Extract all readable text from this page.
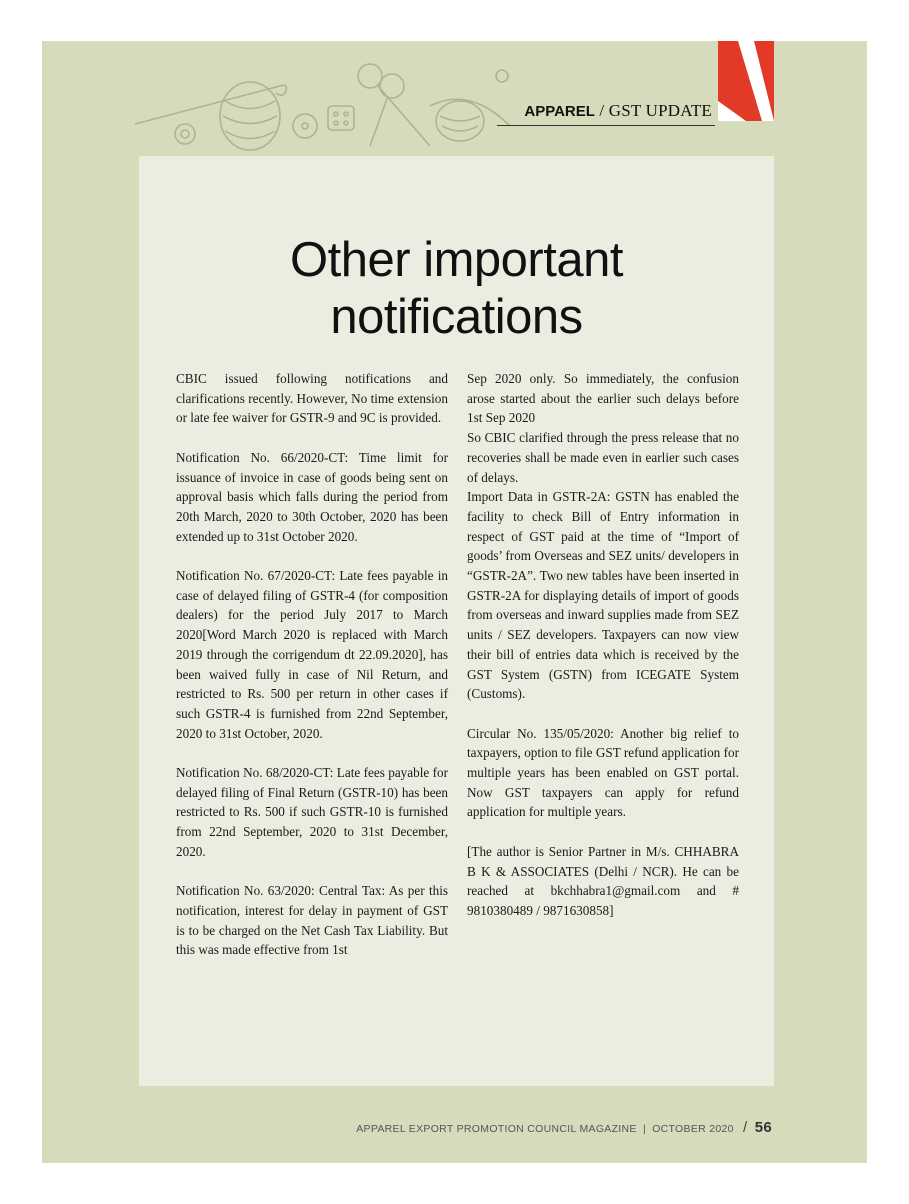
APPAREL / GST UPDATE
Other important
notifications

CBIC issued following notifications and clarifications recently. However, No time extension or late fee waiver for GSTR-9 and 9C is provided.

Notification No. 66/2020-CT: Time limit for issuance of invoice in case of goods being sent on approval basis which falls during the period from 20th March, 2020 to 30th October, 2020 has been extended up to 31st October 2020.

Notification No. 67/2020-CT: Late fees payable in case of delayed filing of GSTR-4 (for composition dealers) for the period July 2017 to March 2020[Word March 2020 is replaced with March 2019 through the corrigendum dt 22.09.2020], has been waived fully in case of Nil Return, and restricted to Rs. 500 per return in other cases if such GSTR-4 is furnished from 22nd September, 2020 to 31st October, 2020.

Notification No. 68/2020-CT: Late fees payable for delayed filing of Final Return (GSTR-10) has been restricted to Rs. 500 if such GSTR-10 is furnished from 22nd September, 2020 to 31st December, 2020.

Notification No. 63/2020: Central Tax: As per this notification, interest for delay in payment of GST is to be charged on the Net Cash Tax Liability. But this was made effective from 1st

Sep 2020 only. So immediately, the confusion arose started about the earlier such delays before 1st Sep 2020

So CBIC clarified through the press release that no recoveries shall be made even in earlier such cases of delays.

Import Data in GSTR-2A: GSTN has enabled the facility to check Bill of Entry information in respect of GST paid at the time of “Import of goods’ from Overseas and SEZ units/ developers in “GSTR-2A”. Two new tables have been inserted in GSTR-2A for displaying details of import of goods from overseas and inward supplies made from SEZ units / SEZ developers. Taxpayers can now view their bill of entries data which is received by the GST System (GSTN) from ICEGATE System (Customs).

Circular No. 135/05/2020: Another big relief to taxpayers, option to file GST refund application for multiple years has been enabled on GST portal. Now GST taxpayers can apply for refund application for multiple years.

[The author is Senior Partner in M/s. CHHABRA B K & ASSOCIATES (Delhi / NCR). He can be reached at bkchhabra1@gmail.com and # 9810380489 / 9871630858]

APPAREL EXPORT PROMOTION COUNCIL MAGAZINE | OCTOBER 2020 / 56
